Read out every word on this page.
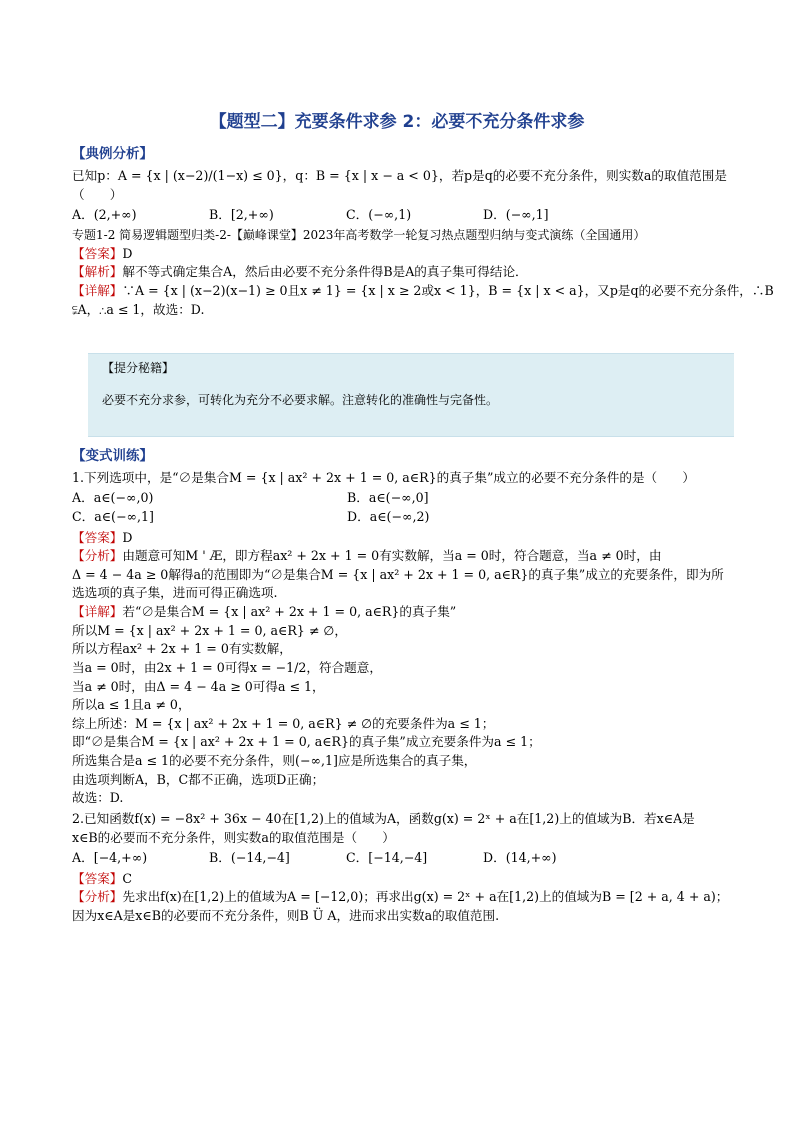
【题型二】充要条件求参 2：必要不充分条件求参
【典例分析】

已知p：A = {x | (x−2)/(1−x) ≤ 0}，q：B = {x | x − a < 0}，若p是q的必要不充分条件，则实数a的取值范围是

（　　）

A．(2,+∞)	B．[2,+∞)	C．(−∞,1)	D．(−∞,1]

专题1-2 简易逻辑题型归类-2-【巅峰课堂】2023年高考数学一轮复习热点题型归纳与变式演练（全国通用）

【答案】D

【解析】解不等式确定集合A，然后由必要不充分条件得B是A的真子集可得结论．

【详解】∵A = {x | (x−2)(x−1) ≥ 0且x ≠ 1} = {x | x ≥ 2或x < 1}，B = {x | x < a}，又p是q的必要不充分条件，∴B

⫋A，∴a ≤ 1，故选：D.

【提分秘籍】
必要不充分求参，可转化为充分不必要求解。注意转化的准确性与完备性。
【变式训练】

1.下列选项中，是“∅是集合M = {x | ax² + 2x + 1 = 0, a∈R}的真子集”成立的必要不充分条件的是（　　）

A．a∈(−∞,0)	B．a∈(−∞,0]
C．a∈(−∞,1]	D．a∈(−∞,2)

【答案】D

【分析】由题意可知M ' Æ，即方程ax² + 2x + 1 = 0有实数解，当a = 0时，符合题意，当a ≠ 0时，由

Δ = 4 − 4a ≥ 0解得a的范围即为“∅是集合M = {x | ax² + 2x + 1 = 0, a∈R}的真子集”成立的充要条件，即为所

选选项的真子集，进而可得正确选项.

【详解】若“∅是集合M = {x | ax² + 2x + 1 = 0, a∈R}的真子集”

所以M = {x | ax² + 2x + 1 = 0, a∈R} ≠ ∅，

所以方程ax² + 2x + 1 = 0有实数解，

当a = 0时，由2x + 1 = 0可得x = −1/2，符合题意，

当a ≠ 0时，由Δ = 4 − 4a ≥ 0可得a ≤ 1，

所以a ≤ 1且a ≠ 0，

综上所述：M = {x | ax² + 2x + 1 = 0, a∈R} ≠ ∅的充要条件为a ≤ 1；

即“∅是集合M = {x | ax² + 2x + 1 = 0, a∈R}的真子集”成立充要条件为a ≤ 1；

所选集合是a ≤ 1的必要不充分条件，则(−∞,1]应是所选集合的真子集，

由选项判断A，B，C都不正确，选项D正确；

故选：D.

2.已知函数f(x) = −8x² + 36x − 40在[1,2)上的值域为A，函数g(x) = 2ˣ + a在[1,2)上的值域为B．若x∈A是

x∈B的必要而不充分条件，则实数a的取值范围是（　　）

A．[−4,+∞)	B．(−14,−4]	C．[−14,−4]	D．(14,+∞)

【答案】C

【分析】先求出f(x)在[1,2)上的值域为A = [−12,0)；再求出g(x) = 2ˣ + a在[1,2)上的值域为B = [2 + a, 4 + a)；

因为x∈A是x∈B的必要而不充分条件，则B Ü A，进而求出实数a的取值范围.
